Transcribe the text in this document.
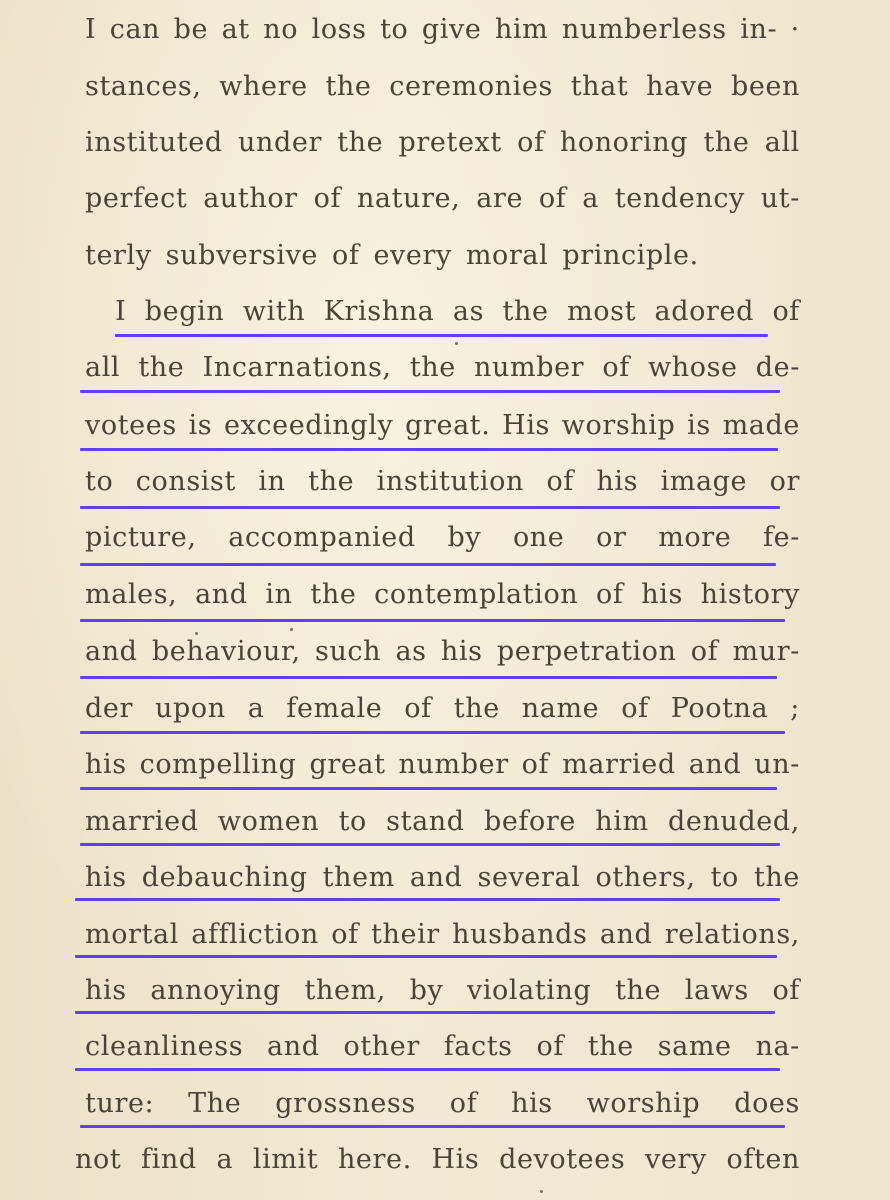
I can be at no loss to give him numberless in- ·
stances, where the ceremonies that have been
instituted under the pretext of honoring the all
perfect author of nature, are of a tendency ut-
terly subversive of every moral principle.
I begin with Krishna as the most adored of
all the Incarnations, the number of whose de-
votees is exceedingly great. His worship is made
to consist in the institution of his image or
picture, accompanied by one or more fe-
males, and in the contemplation of his history
and behaviour, such as his perpetration of mur-
der upon a female of the name of Pootna ;
his compelling great number of married and un-
married women to stand before him denuded,
his debauching them and several others, to the
mortal affliction of their husbands and relations,
his annoying them, by violating the laws of
cleanliness and other facts of the same na-
ture: The grossness of his worship does
not find a limit here. His devotees very often
